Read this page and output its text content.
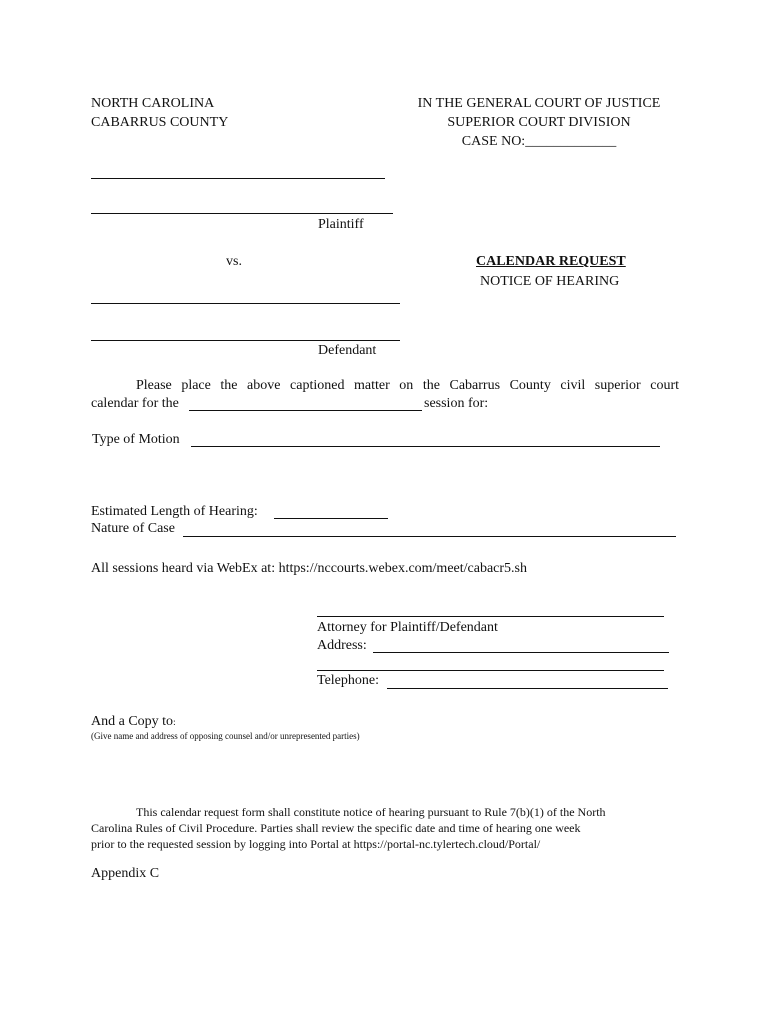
NORTH CAROLINA
CABARRUS COUNTY
IN THE GENERAL COURT OF JUSTICE
SUPERIOR COURT DIVISION
CASE NO:_____________
Plaintiff
vs.	CALENDAR REQUEST
NOTICE OF HEARING
Defendant
Please place the above captioned matter on the Cabarrus County civil superior court
calendar for the	session for:
Type of Motion
Estimated Length of Hearing:
Nature of Case
All sessions heard via WebEx at: https://nccourts.webex.com/meet/cabacr5.sh
Attorney for Plaintiff/Defendant
Address:
Telephone:
And a Copy to:
(Give name and address of opposing counsel and/or unrepresented parties)
This calendar request form shall constitute notice of hearing pursuant to Rule 7(b)(1) of the North
Carolina Rules of Civil Procedure. Parties shall review the specific date and time of hearing one week
prior to the requested session by logging into Portal at https://portal-nc.tylertech.cloud/Portal/
Appendix C
